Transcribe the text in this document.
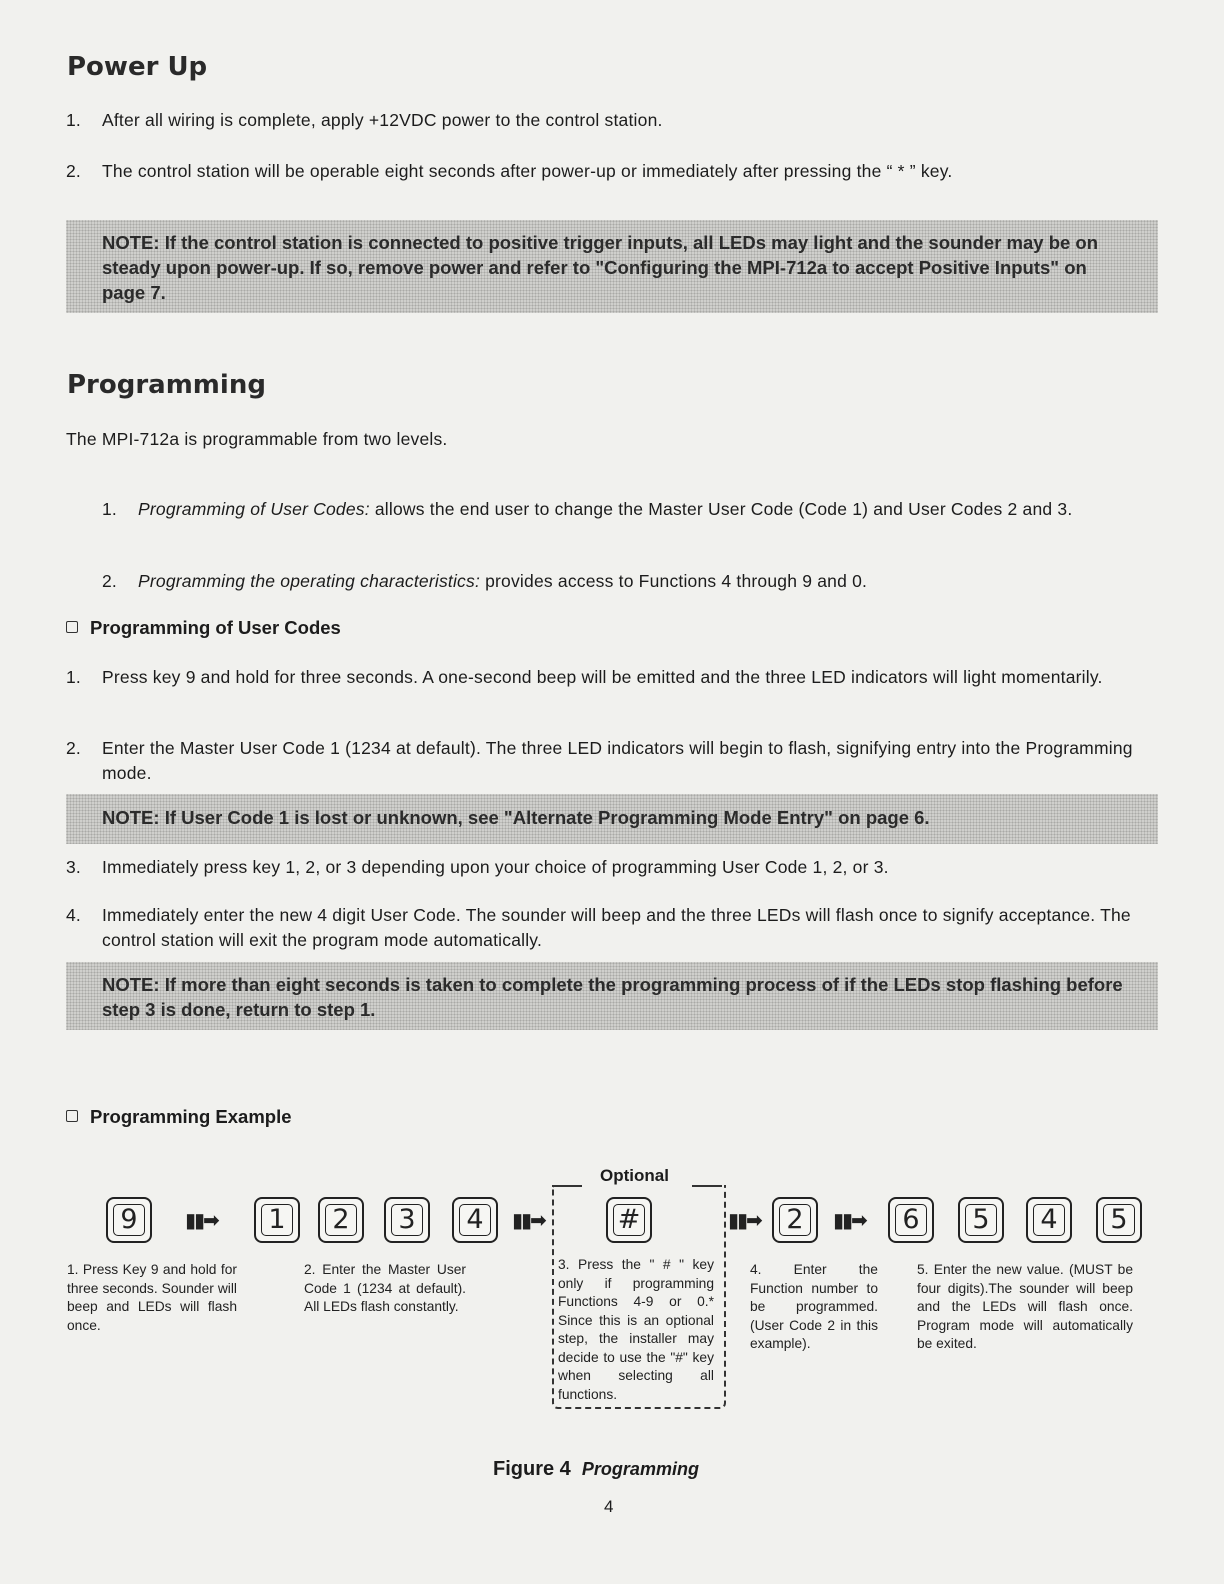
Power Up
1. After all wiring is complete, apply +12VDC power to the control station.
2. The control station will be operable eight seconds after power-up or immediately after pressing the “ * ” key.
NOTE: If the control station is connected to positive trigger inputs, all LEDs may light and the sounder may be on steady upon power-up. If so, remove power and refer to "Configuring the MPI-712a to accept Positive Inputs" on page 7.
Programming
The MPI-712a is programmable from two levels.
1. Programming of User Codes: allows the end user to change the Master User Code (Code 1) and User Codes 2 and 3.
2. Programming the operating characteristics: provides access to Functions 4 through 9 and 0.
Programming of User Codes
1. Press key 9 and hold for three seconds. A one-second beep will be emitted and the three LED indicators will light momentarily.
2. Enter the Master User Code 1 (1234 at default). The three LED indicators will begin to flash, signifying entry into the Programming mode.
NOTE: If User Code 1 is lost or unknown, see "Alternate Programming Mode Entry" on page 6.
3. Immediately press key 1, 2, or 3 depending upon your choice of programming User Code 1, 2, or 3.
4. Immediately enter the new 4 digit User Code. The sounder will beep and the three LEDs will flash once to signify acceptance. The control station will exit the program mode automatically.
NOTE: If more than eight seconds is taken to complete the programming process of if the LEDs stop flashing before step 3 is done, return to step 1.
Programming Example
Optional
9	▮▮➡ 1 2 3 4	▮▮➡	#	▮▮➡ 2	▮▮➡ 6 5 4 5
1. Press Key 9 and hold for three seconds. Sounder will beep and LEDs will flash once.
2. Enter the Master User Code 1 (1234 at default). All LEDs flash constantly.
3. Press the " # " key only if programming Functions 4-9 or 0.* Since this is an optional step, the installer may decide to use the "#" key when selecting all functions.
4. Enter the Function number to be programmed. (User Code 2 in this example).
5. Enter the new value. (MUST be four digits).The sounder will beep and the LEDs will flash once. Program mode will automatically be exited.
Figure 4 Programming
4
